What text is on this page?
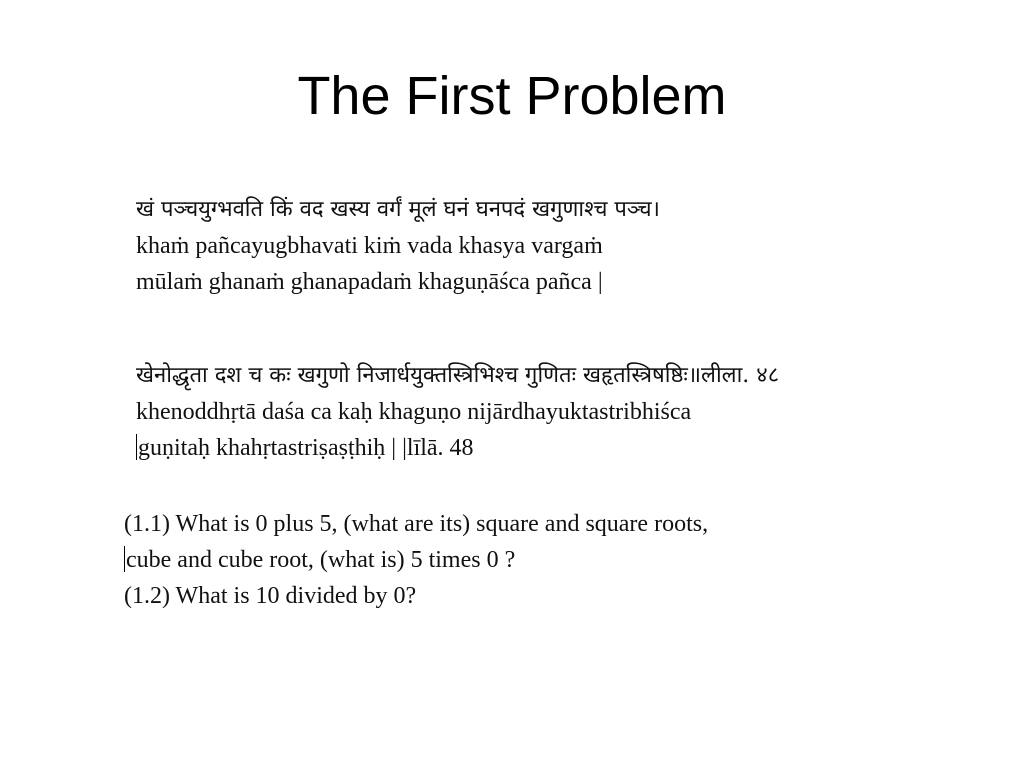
The First Problem
खं पञ्चयुग्भवति किं वद खस्य वर्गं मूलं घनं घनपदं खगुणाश्च पञ्च।
khaṁ pañcayugbhavati kiṁ vada khasya vargaṁ
mūlaṁ ghanaṁ ghanapadaṁ khaguṇāśca pañca |
खेनोद्धृता दश च कः खगुणो निजार्धयुक्तस्त्रिभिश्च गुणितः खहृतस्त्रिषष्ठिः॥लीला. ४८
khenoddhṛtā daśa ca kaḥ khaguṇo nijārdhayuktastribhiśca
guṇitaḥ khahṛtastriṣaṣṭhiḥ | |līlā. 48
(1.1) What is 0 plus 5, (what are its) square and square roots,
cube and cube root, (what is) 5 times 0 ?
(1.2) What is 10 divided by 0?
